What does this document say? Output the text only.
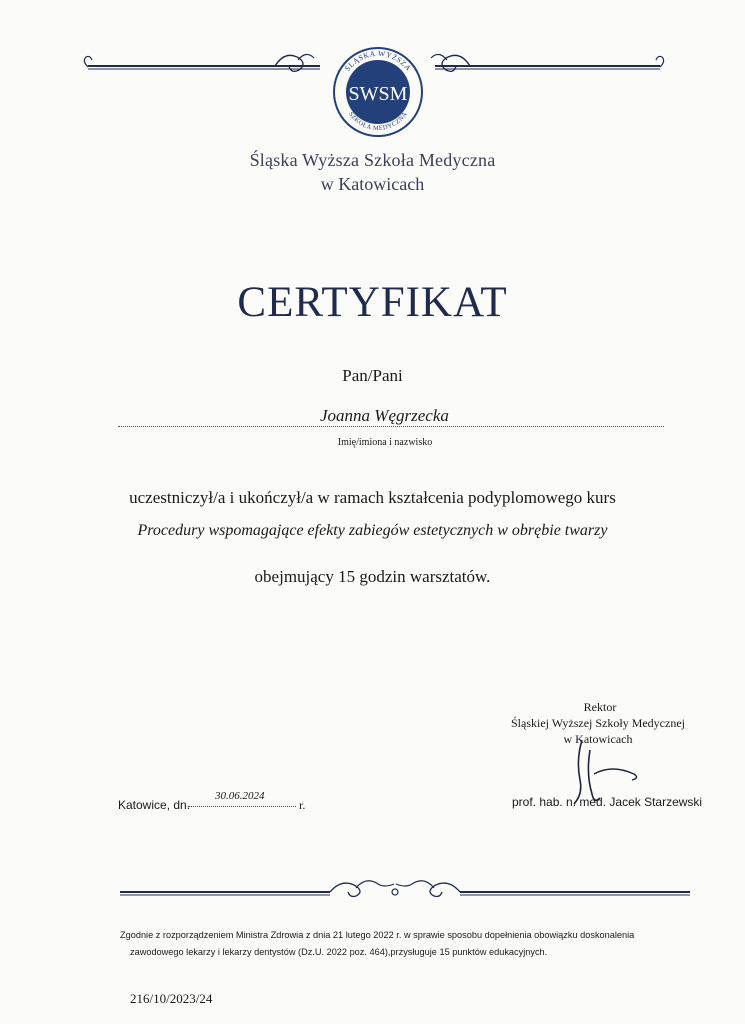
SWSM
ŚLĄSKA WYŻSZA
SZKOŁA MEDYCZNA
Śląska Wyższa Szkoła Medyczna
w Katowicach
CERTYFIKAT
Pan/Pani
Joanna Węgrzecka
Imię/imiona i nazwisko
uczestniczył/a i ukończył/a w ramach kształcenia podyplomowego kurs
Procedury wspomagające efekty zabiegów estetycznych w obrębie twarzy
obejmujący 15 godzin warsztatów.
Rektor
Śląskiej Wyższej Szkoły Medycznej
w Katowicach
prof. hab. n. med. Jacek Starzewski
Katowice, dn.
30.06.2024
r.
Zgodnie z rozporządzeniem Ministra Zdrowia z dnia 21 lutego 2022 r. w sprawie sposobu dopełnienia obowiązku doskonalenia
zawodowego lekarzy i lekarzy dentystów (Dz.U. 2022 poz. 464),przysługuje 15 punktów edukacyjnych.
216/10/2023/24
